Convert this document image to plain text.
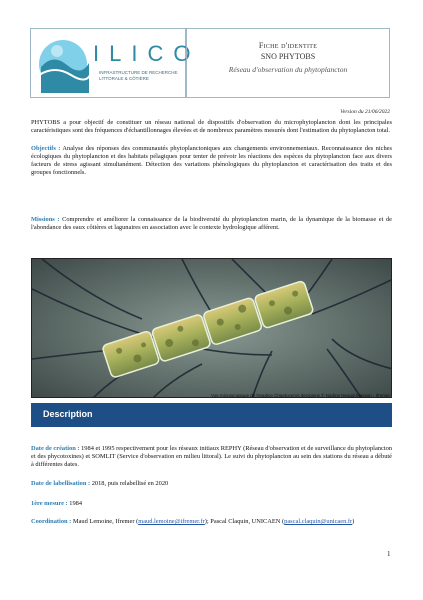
ILICO
INFRASTRUCTURE DE RECHERCHE LITTORALE & CÔTIÈRE
Fiche d'identite
SNO PHYTOBS
Réseau d'observation du phytoplancton
Version du 21/06/2022
PHYTOBS a pour objectif de constituer un réseau national de dispositifs d'observation du microphytoplancton dont les principales caractéristiques sont des fréquences d'échantillonnages élevées et de nombreux paramètres mesurés dont l'estimation du phytoplancton total.
Objectifs : Analyse des réponses des communautés phytoplanctoniques aux changements environnementaux. Reconnaissance des niches écologiques du phytoplancton et des habitats pélagiques pour tenter de prévoir les réactions des espèces du phytoplancton face aux divers facteurs de stress agissant simultanément. Détection des variations phénologiques du phytoplancton et caractérisation des traits et des groupes fonctionnels.
Missions : Comprendre et améliorer la connaissance de la biodiversité du phytoplancton marin, de la dynamique de la biomasse et de l'abondance des eaux côtières et lagunaires en association avec le contexte hydrologique afférent.
Vue microscopique de l'espèce Chaetoceros decipiens © Nadine Neaud-Masson - Ifremer
Description
Date de création : 1984 et 1995 respectivement pour les réseaux initiaux REPHY (Réseau d'observation et de surveillance du phytoplancton et des phycotoxines) et SOMLIT (Service d'observation en milieu littoral). Le suivi du phytoplancton au sein des stations du réseau a débuté à différentes dates.
Date de labellisation : 2018, puis relabellisé en 2020
1ère mesure : 1984
Coordination : Maud Lemoine, Ifremer (maud.lemoine@ifremer.fr); Pascal Claquin, UNICAEN (pascal.claquin@unicaen.fr)
1
